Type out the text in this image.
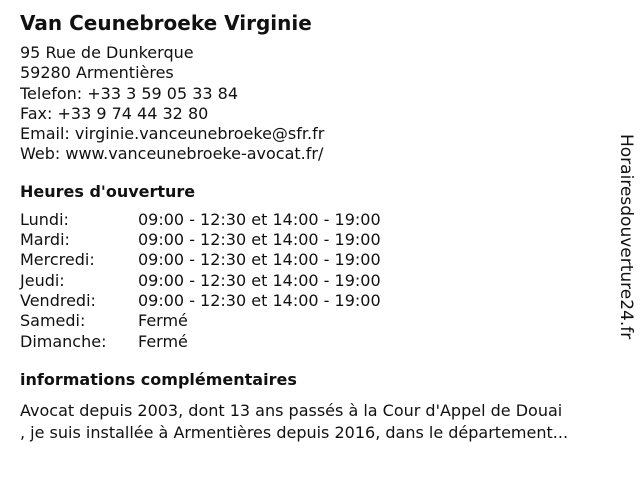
Van Ceunebroeke Virginie
95 Rue de Dunkerque
59280 Armentières
Telefon: +33 3 59 05 33 84
Fax: +33 9 74 44 32 80
Email: virginie.vanceunebroeke@sfr.fr
Web: www.vanceunebroeke-avocat.fr/
Heures d'ouverture
Lundi:	09:00 - 12:30 et 14:00 - 19:00
Mardi:	09:00 - 12:30 et 14:00 - 19:00
Mercredi:	09:00 - 12:30 et 14:00 - 19:00
Jeudi:	09:00 - 12:30 et 14:00 - 19:00
Vendredi:	09:00 - 12:30 et 14:00 - 19:00
Samedi:	Fermé
Dimanche:	Fermé
informations complémentaires
Avocat depuis 2003, dont 13 ans passés à la Cour d'Appel de Douai
, je suis installée à Armentières depuis 2016, dans le département...
Horairesdouverture24.fr
